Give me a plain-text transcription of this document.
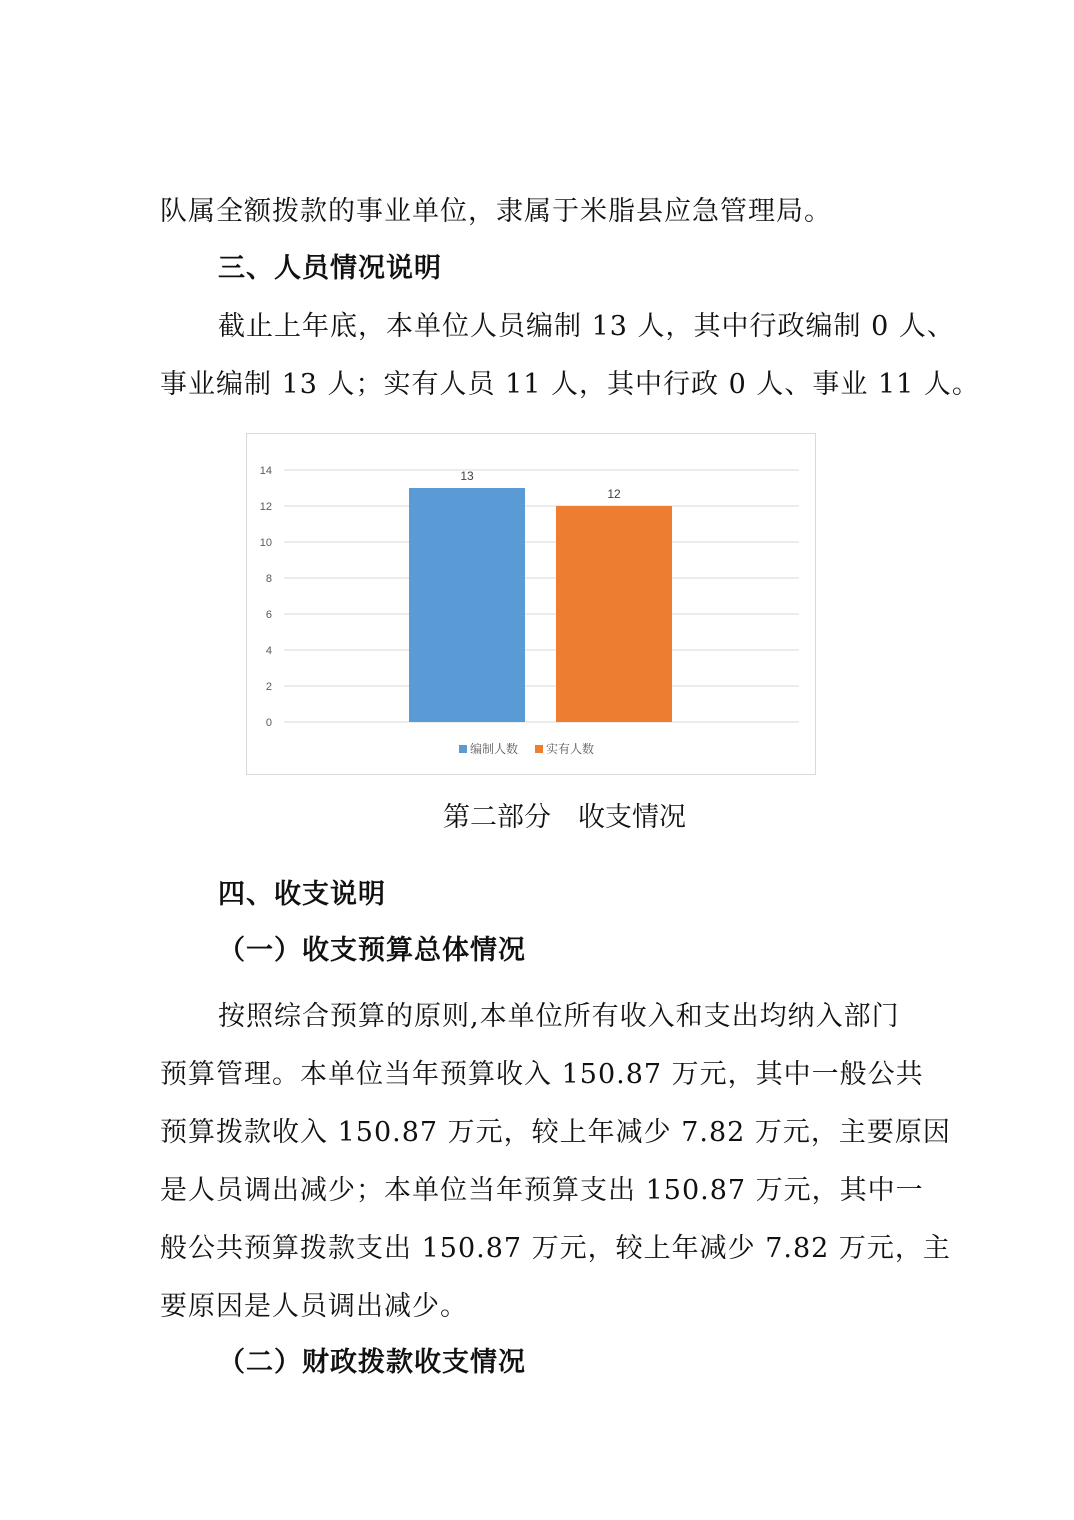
队属全额拨款的事业单位，隶属于米脂县应急管理局。

三、人员情况说明

截止上年底，本单位人员编制 13 人，其中行政编制 0 人、

事业编制 13 人；实有人员 11 人，其中行政 0 人、事业 11 人。

0
2
4
6
8
10
12
14	13
12
编制人数 实有人数

第二部分　收支情况

四、收支说明

（一）收支预算总体情况

按照综合预算的原则,本单位所有收入和支出均纳入部门

预算管理。本单位当年预算收入 150.87 万元，其中一般公共

预算拨款收入 150.87 万元，较上年减少 7.82 万元，主要原因

是人员调出减少；本单位当年预算支出 150.87 万元，其中一

般公共预算拨款支出 150.87 万元，较上年减少 7.82 万元，主

要原因是人员调出减少。

（二）财政拨款收支情况
